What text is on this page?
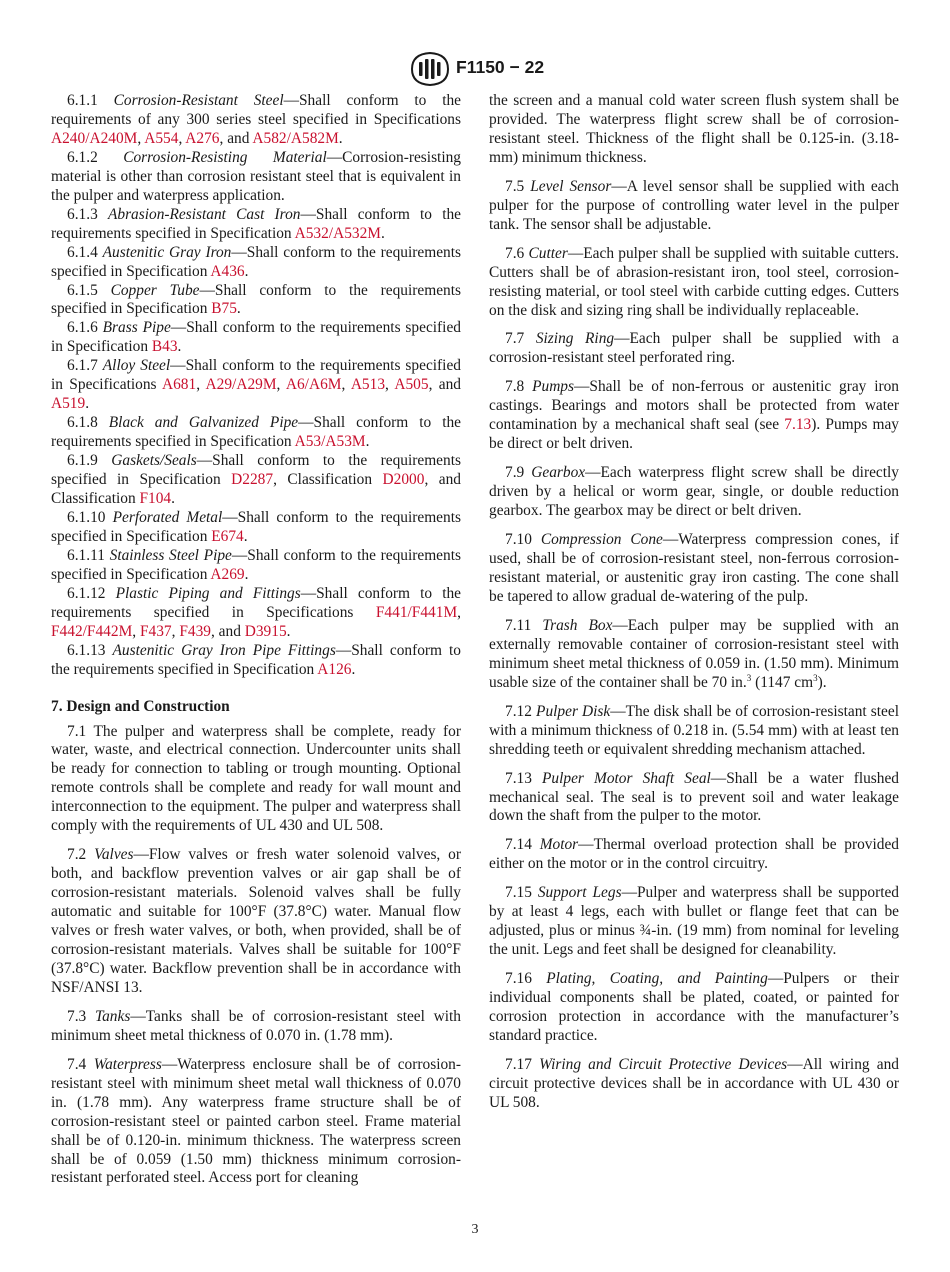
F1150 − 22

6.1.1 Corrosion-Resistant Steel—Shall conform to the requirements of any 300 series steel specified in Specifications A240/A240M, A554, A276, and A582/A582M.

6.1.2 Corrosion-Resisting Material—Corrosion-resisting material is other than corrosion resistant steel that is equivalent in the pulper and waterpress application.

6.1.3 Abrasion-Resistant Cast Iron—Shall conform to the requirements specified in Specification A532/A532M.

6.1.4 Austenitic Gray Iron—Shall conform to the requirements specified in Specification A436.

6.1.5 Copper Tube—Shall conform to the requirements specified in Specification B75.

6.1.6 Brass Pipe—Shall conform to the requirements specified in Specification B43.

6.1.7 Alloy Steel—Shall conform to the requirements specified in Specifications A681, A29/A29M, A6/A6M, A513, A505, and A519.

6.1.8 Black and Galvanized Pipe—Shall conform to the requirements specified in Specification A53/A53M.

6.1.9 Gaskets/Seals—Shall conform to the requirements specified in Specification D2287, Classification D2000, and Classification F104.

6.1.10 Perforated Metal—Shall conform to the requirements specified in Specification E674.

6.1.11 Stainless Steel Pipe—Shall conform to the requirements specified in Specification A269.

6.1.12 Plastic Piping and Fittings—Shall conform to the requirements specified in Specifications F441/F441M, F442/F442M, F437, F439, and D3915.

6.1.13 Austenitic Gray Iron Pipe Fittings—Shall conform to the requirements specified in Specification A126.

7. Design and Construction

7.1 The pulper and waterpress shall be complete, ready for water, waste, and electrical connection. Undercounter units shall be ready for connection to tabling or trough mounting. Optional remote controls shall be complete and ready for wall mount and interconnection to the equipment. The pulper and waterpress shall comply with the requirements of UL 430 and UL 508.

7.2 Valves—Flow valves or fresh water solenoid valves, or both, and backflow prevention valves or air gap shall be of corrosion-resistant materials. Solenoid valves shall be fully automatic and suitable for 100°F (37.8°C) water. Manual flow valves or fresh water valves, or both, when provided, shall be of corrosion-resistant materials. Valves shall be suitable for 100°F (37.8°C) water. Backflow prevention shall be in accordance with NSF/ANSI 13.

7.3 Tanks—Tanks shall be of corrosion-resistant steel with minimum sheet metal thickness of 0.070 in. (1.78 mm).

7.4 Waterpress—Waterpress enclosure shall be of corrosion-resistant steel with minimum sheet metal wall thickness of 0.070 in. (1.78 mm). Any waterpress frame structure shall be of corrosion-resistant steel or painted carbon steel. Frame material shall be of 0.120-in. minimum thickness. The waterpress screen shall be of 0.059 (1.50 mm) thickness minimum corrosion-resistant perforated steel. Access port for cleaning

the screen and a manual cold water screen flush system shall be provided. The waterpress flight screw shall be of corrosion-resistant steel. Thickness of the flight shall be 0.125-in. (3.18-mm) minimum thickness.

7.5 Level Sensor—A level sensor shall be supplied with each pulper for the purpose of controlling water level in the pulper tank. The sensor shall be adjustable.

7.6 Cutter—Each pulper shall be supplied with suitable cutters. Cutters shall be of abrasion-resistant iron, tool steel, corrosion-resisting material, or tool steel with carbide cutting edges. Cutters on the disk and sizing ring shall be individually replaceable.

7.7 Sizing Ring—Each pulper shall be supplied with a corrosion-resistant steel perforated ring.

7.8 Pumps—Shall be of non-ferrous or austenitic gray iron castings. Bearings and motors shall be protected from water contamination by a mechanical shaft seal (see 7.13). Pumps may be direct or belt driven.

7.9 Gearbox—Each waterpress flight screw shall be directly driven by a helical or worm gear, single, or double reduction gearbox. The gearbox may be direct or belt driven.

7.10 Compression Cone—Waterpress compression cones, if used, shall be of corrosion-resistant steel, non-ferrous corrosion-resistant material, or austenitic gray iron casting. The cone shall be tapered to allow gradual de-watering of the pulp.

7.11 Trash Box—Each pulper may be supplied with an externally removable container of corrosion-resistant steel with minimum sheet metal thickness of 0.059 in. (1.50 mm). Minimum usable size of the container shall be 70 in.$^3$ (1147 $cm^3$).

7.12 Pulper Disk—The disk shall be of corrosion-resistant steel with a minimum thickness of 0.218 in. (5.54 mm) with at least ten shredding teeth or equivalent shredding mechanism attached.

7.13 Pulper Motor Shaft Seal—Shall be a water flushed mechanical seal. The seal is to prevent soil and water leakage down the shaft from the pulper to the motor.

7.14 Motor—Thermal overload protection shall be provided either on the motor or in the control circuitry.

7.15 Support Legs—Pulper and waterpress shall be supported by at least 4 legs, each with bullet or flange feet that can be adjusted, plus or minus ¾-in. (19 mm) from nominal for leveling the unit. Legs and feet shall be designed for cleanability.

7.16 Plating, Coating, and Painting—Pulpers or their individual components shall be plated, coated, or painted for corrosion protection in accordance with the manufacturer’s standard practice.

7.17 Wiring and Circuit Protective Devices—All wiring and circuit protective devices shall be in accordance with UL 430 or UL 508.

3
